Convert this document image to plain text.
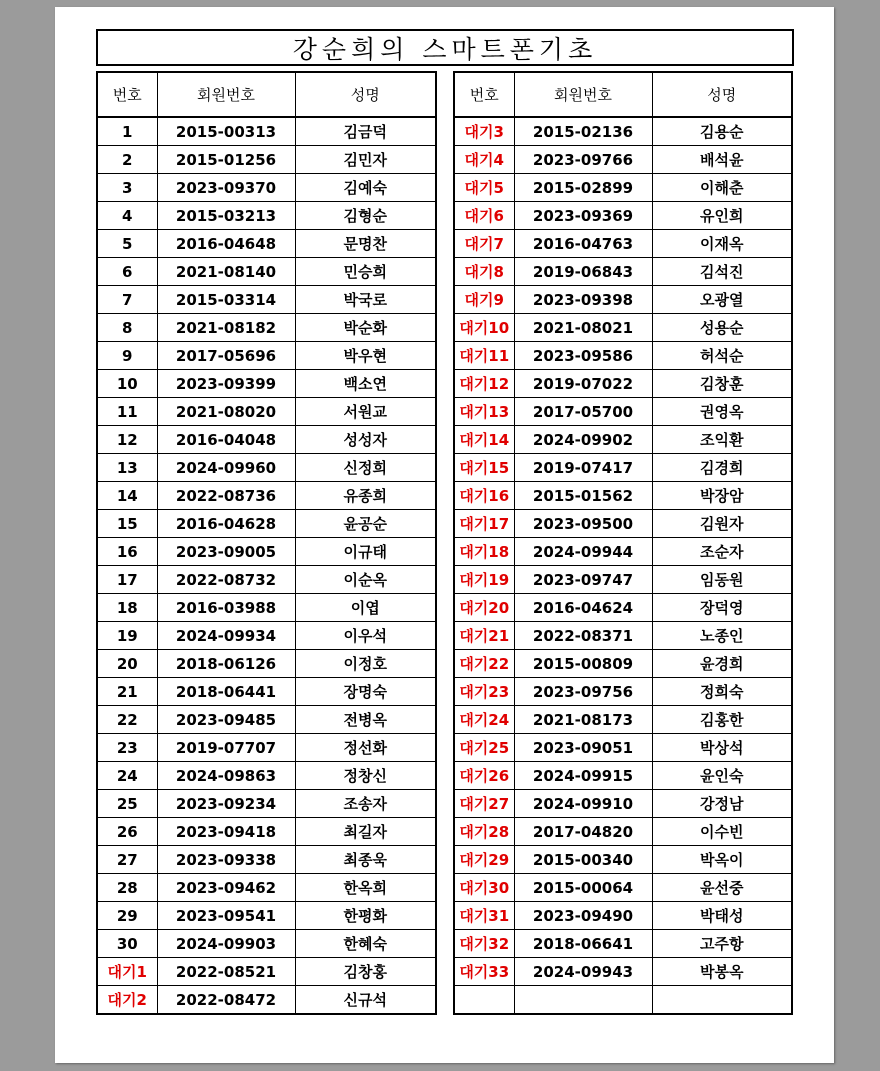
강순희의 스마트폰기초
번호	회원번호	성명
1	2015-00313	김금덕
2	2015-01256	김민자
3	2023-09370	김예숙
4	2015-03213	김형순
5	2016-04648	문명찬
6	2021-08140	민승희
7	2015-03314	박국로
8	2021-08182	박순화
9	2017-05696	박우현
10	2023-09399	백소연
11	2021-08020	서원교
12	2016-04048	성성자
13	2024-09960	신정희
14	2022-08736	유종희
15	2016-04628	윤공순
16	2023-09005	이규태
17	2022-08732	이순옥
18	2016-03988	이엽
19	2024-09934	이우석
20	2018-06126	이정호
21	2018-06441	장명숙
22	2023-09485	전병옥
23	2019-07707	정선화
24	2024-09863	정창신
25	2023-09234	조송자
26	2023-09418	최길자
27	2023-09338	최종욱
28	2023-09462	한옥희
29	2023-09541	한평화
30	2024-09903	한혜숙
대기1	2022-08521	김창홍
대기2	2022-08472	신규석
번호	회원번호	성명
대기3	2015-02136	김용순
대기4	2023-09766	배석윤
대기5	2015-02899	이해춘
대기6	2023-09369	유인희
대기7	2016-04763	이재옥
대기8	2019-06843	김석진
대기9	2023-09398	오광열
대기10	2021-08021	성용순
대기11	2023-09586	허석순
대기12	2019-07022	김창훈
대기13	2017-05700	권영옥
대기14	2024-09902	조익환
대기15	2019-07417	김경희
대기16	2015-01562	박장암
대기17	2023-09500	김원자
대기18	2024-09944	조순자
대기19	2023-09747	임동원
대기20	2016-04624	장덕영
대기21	2022-08371	노종인
대기22	2015-00809	윤경희
대기23	2023-09756	정희숙
대기24	2021-08173	김홍한
대기25	2023-09051	박상석
대기26	2024-09915	윤인숙
대기27	2024-09910	강정남
대기28	2017-04820	이수빈
대기29	2015-00340	박옥이
대기30	2015-00064	윤선중
대기31	2023-09490	박태성
대기32	2018-06641	고주항
대기33	2024-09943	박봉옥
